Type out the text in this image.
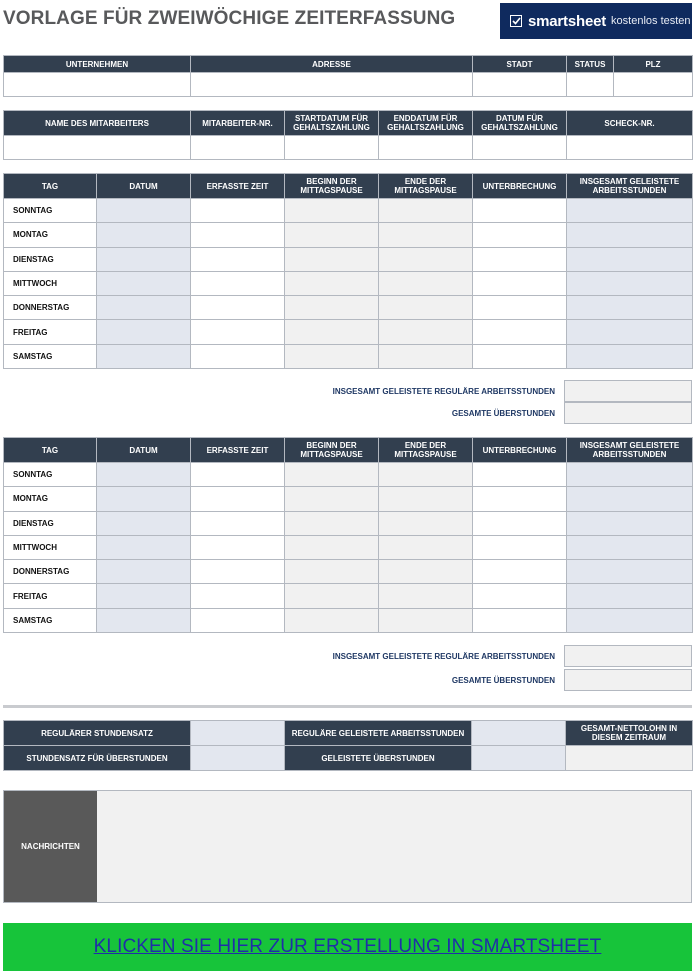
VORLAGE FÜR ZWEIWÖCHIGE ZEITERFASSUNG	smartsheet kostenlos testen
UNTERNEHMEN	ADRESSE	STADT	STATUS	PLZ

NAME DES MITARBEITERS	MITARBEITER-NR.	STARTDATUM FÜR GEHALTSZAHLUNG	ENDDATUM FÜR GEHALTSZAHLUNG	DATUM FÜR GEHALTSZAHLUNG	SCHECK-NR.

TAG	DATUM	ERFASSTE ZEIT	BEGINN DER MITTAGSPAUSE	ENDE DER MITTAGSPAUSE	UNTERBRECHUNG	INSGESAMT GELEISTETE ARBEITSSTUNDEN
SONNTAG						
MONTAG						
DIENSTAG						
MITTWOCH						
DONNERSTAG						
FREITAG						
SAMSTAG						
INSGESAMT GELEISTETE REGULÄRE ARBEITSSTUNDEN
GESAMTE ÜBERSTUNDEN
TAG	DATUM	ERFASSTE ZEIT	BEGINN DER MITTAGSPAUSE	ENDE DER MITTAGSPAUSE	UNTERBRECHUNG	INSGESAMT GELEISTETE ARBEITSSTUNDEN
SONNTAG						
MONTAG						
DIENSTAG						
MITTWOCH						
DONNERSTAG						
FREITAG						
SAMSTAG						
INSGESAMT GELEISTETE REGULÄRE ARBEITSSTUNDEN
GESAMTE ÜBERSTUNDEN
REGULÄRER STUNDENSATZ		REGULÄRE GELEISTETE ARBEITSSTUNDEN		GESAMT-NETTOLOHN IN DIESEM ZEITRAUM
STUNDENSATZ FÜR ÜBERSTUNDEN		GELEISTETE ÜBERSTUNDEN		
NACHRICHTEN
KLICKEN SIE HIER ZUR ERSTELLUNG IN SMARTSHEET
